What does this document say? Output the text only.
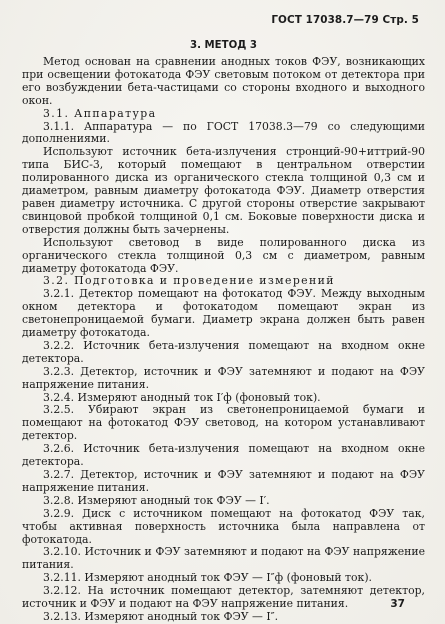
ГОСТ 17038.7—79 Стр. 5
3. МЕТОД 3

Метод основан на сравнении анодных токов ФЭУ, возникающих при освещении фотокатода ФЭУ световым потоком от детектора при его возбуждении бета-частицами со стороны входного и выходного окон.

3.1. Аппаратура

3.1.1. Аппаратура — по ГОСТ 17038.3—79 со следующими дополнениями.

Используют источник бета-излучения стронций-90+иттрий-90 типа БИС-3, который помещают в центральном отверстии полированного диска из органического стекла толщиной 0,3 см и диаметром, равным диаметру фотокатода ФЭУ. Диаметр отверстия равен диаметру источника. С другой стороны отверстие закрывают свинцовой пробкой толщиной 0,1 см. Боковые поверхности диска и отверстия должны быть зачернены.

Используют световод в виде полированного диска из органического стекла толщиной 0,3 см с диаметром, равным диаметру фотокатода ФЭУ.

3.2. Подготовка и проведение измерений

3.2.1. Детектор помещают на фотокатод ФЭУ. Между выходным окном детектора и фотокатодом помещают экран из светонепроницаемой бумаги. Диаметр экрана должен быть равен диаметру фотокатода.

3.2.2. Источник бета-излучения помещают на входном окне детектора.

3.2.3. Детектор, источник и ФЭУ затемняют и подают на ФЭУ напряжение питания.

3.2.4. Измеряют анодный ток I′ф (фоновый ток).

3.2.5. Убирают экран из светонепроницаемой бумаги и помещают на фотокатод ФЭУ световод, на котором устанавливают детектор.

3.2.6. Источник бета-излучения помещают на входном окне детектора.

3.2.7. Детектор, источник и ФЭУ затемняют и подают на ФЭУ напряжение питания.

3.2.8. Измеряют анодный ток ФЭУ — I′.

3.2.9. Диск с источником помещают на фотокатод ФЭУ так, чтобы активная поверхность источника была направлена от фотокатода.

3.2.10. Источник и ФЭУ затемняют и подают на ФЭУ напряжение питания.

3.2.11. Измеряют анодный ток ФЭУ — I″ф (фоновый ток).

3.2.12. На источник помещают детектор, затемняют детектор, источник и ФЭУ и подают на ФЭУ напряжение питания.

3.2.13. Измеряют анодный ток ФЭУ — I″.

37
